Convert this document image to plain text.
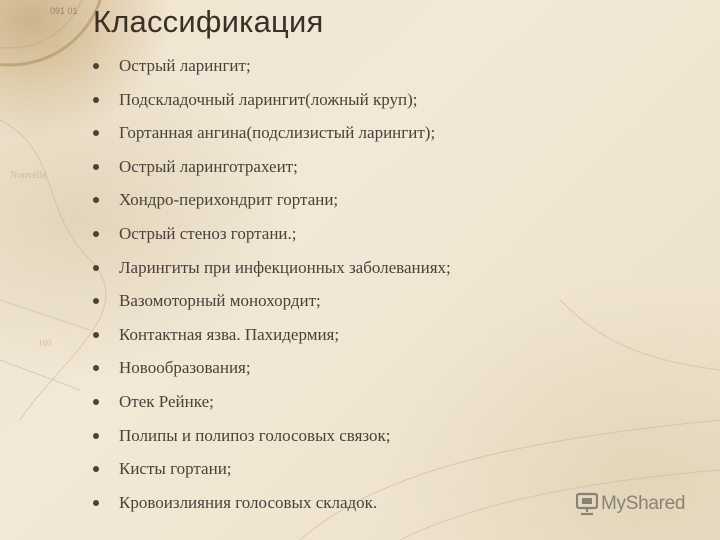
091 01
Nouvelle
100
Классификация
Острый ларингит;
Подскладочный ларингит(ложный круп);
Гортанная ангина(подслизистый ларингит);
Острый ларинготрахеит;
Хондро-перихондрит гортани;
Острый стеноз гортани.;
Ларингиты при инфекционных заболеваниях;
Вазомоторный монохордит;
Контактная язва. Пахидермия;
Новообразования;
Отек Рейнке;
Полипы и полипоз голосовых связок;
Кисты гортани;
Кровоизлияния голосовых складок.	MyShared
